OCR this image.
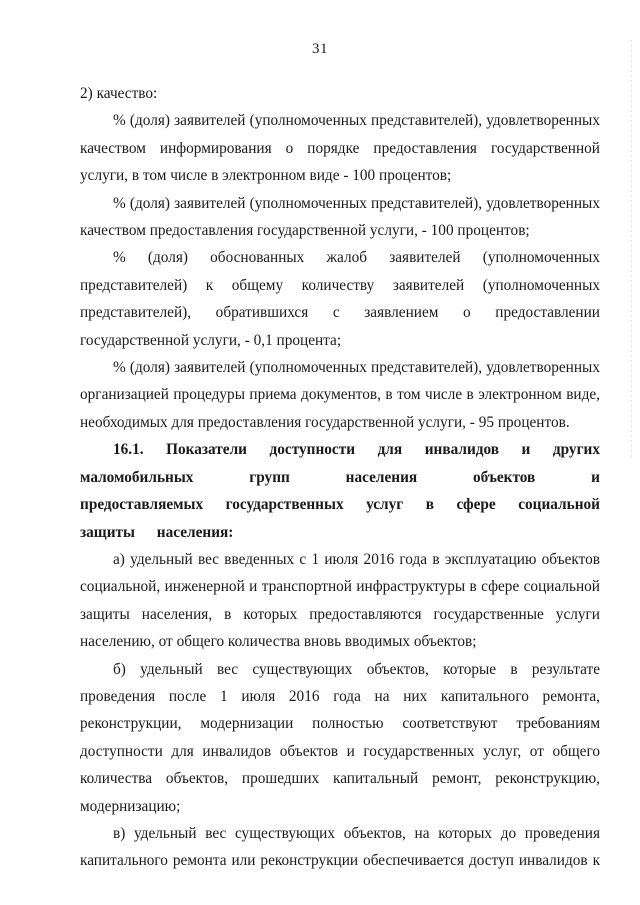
31

2) качество:

% (доля) заявителей (уполномоченных представителей), удовлетворенных качеством информирования о порядке предоставления государственной услуги, в том числе в электронном виде - 100 процентов;

% (доля) заявителей (уполномоченных представителей), удовлетворенных качеством предоставления государственной услуги, - 100 процентов;

% (доля) обоснованных жалоб заявителей (уполномоченных представителей) к общему количеству заявителей (уполномоченных представителей), обратившихся с заявлением о предоставлении государственной услуги, - 0,1 процента;

% (доля) заявителей (уполномоченных представителей), удовлетворенных организацией процедуры приема документов, в том числе в электронном виде, необходимых для предоставления государственной услуги, - 95 процентов.

16.1. Показатели доступности для инвалидов и других маломобильных групп населения объектов и предоставляемых государственных услуг в сфере социальной защиты населения:

а) удельный вес введенных с 1 июля 2016 года в эксплуатацию объектов социальной, инженерной и транспортной инфраструктуры в сфере социальной защиты населения, в которых предоставляются государственные услуги населению, от общего количества вновь вводимых объектов;

б) удельный вес существующих объектов, которые в результате проведения после 1 июля 2016 года на них капитального ремонта, реконструкции, модернизации полностью соответствуют требованиям доступности для инвалидов объектов и государственных услуг, от общего количества объектов, прошедших капитальный ремонт, реконструкцию, модернизацию;

в) удельный вес существующих объектов, на которых до проведения капитального ремонта или реконструкции обеспечивается доступ инвалидов к
